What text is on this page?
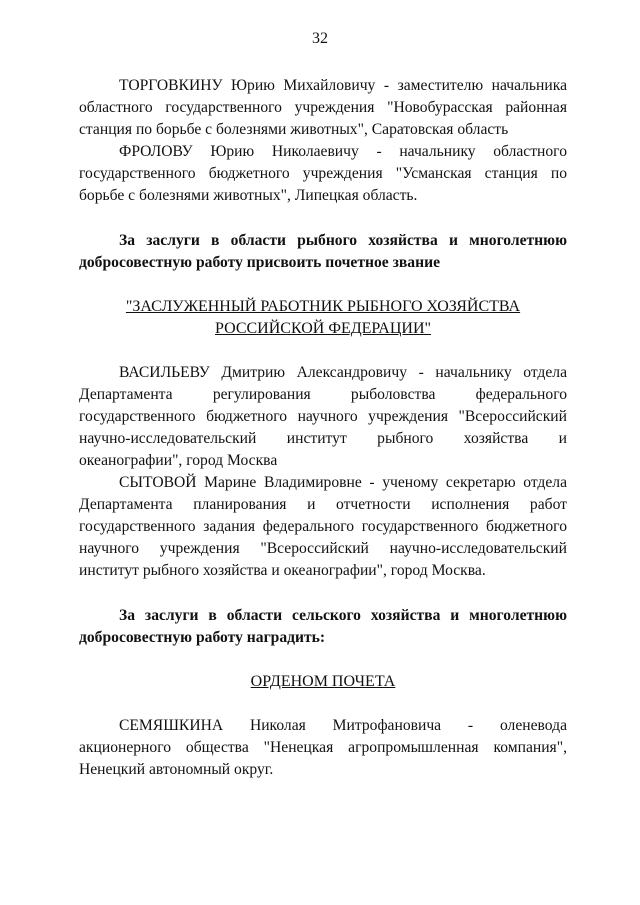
32

ТОРГОВКИНУ Юрию Михайловичу - заместителю начальника областного государственного учреждения "Новобурасская районная станция по борьбе с болезнями животных", Саратовская область

ФРОЛОВУ Юрию Николаевичу - начальнику областного государственного бюджетного учреждения "Усманская станция по борьбе с болезнями животных", Липецкая область.

За заслуги в области рыбного хозяйства и многолетнюю добросовестную работу присвоить почетное звание

"ЗАСЛУЖЕННЫЙ РАБОТНИК РЫБНОГО ХОЗЯЙСТВА

РОССИЙСКОЙ ФЕДЕРАЦИИ"

ВАСИЛЬЕВУ Дмитрию Александровичу - начальнику отдела Департамента регулирования рыболовства федерального государственного бюджетного научного учреждения "Всероссийский научно-исследовательский институт рыбного хозяйства и океанографии", город Москва

СЫТОВОЙ Марине Владимировне - ученому секретарю отдела Департамента планирования и отчетности исполнения работ государственного задания федерального государственного бюджетного научного учреждения "Всероссийский научно-исследовательский институт рыбного хозяйства и океанографии", город Москва.

За заслуги в области сельского хозяйства и многолетнюю добросовестную работу наградить:

ОРДЕНОМ ПОЧЕТА

СЕМЯШКИНА Николая Митрофановича - оленевода акционерного общества "Ненецкая агропромышленная компания", Ненецкий автономный округ.
